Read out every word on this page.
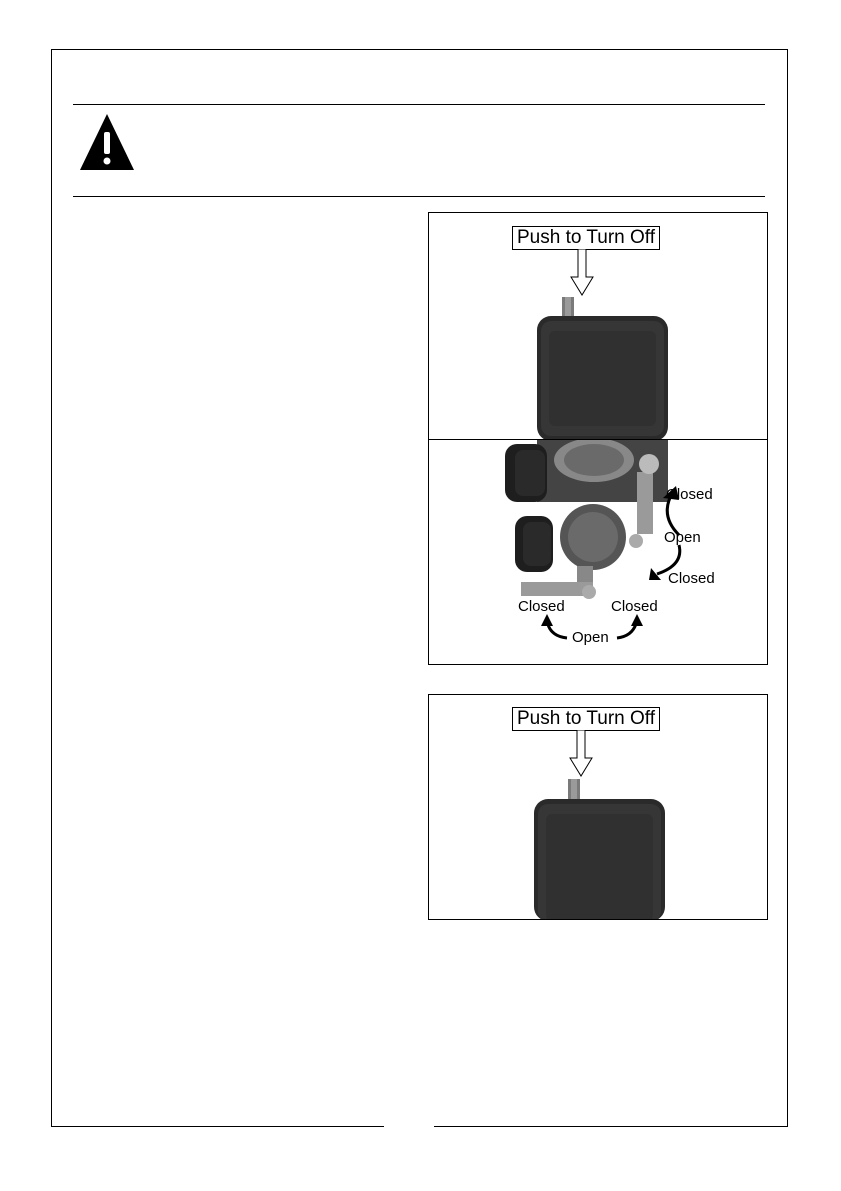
Push to Turn Off
Closed
Open
Closed
Closed	Closed
Open
Push to Turn Off
